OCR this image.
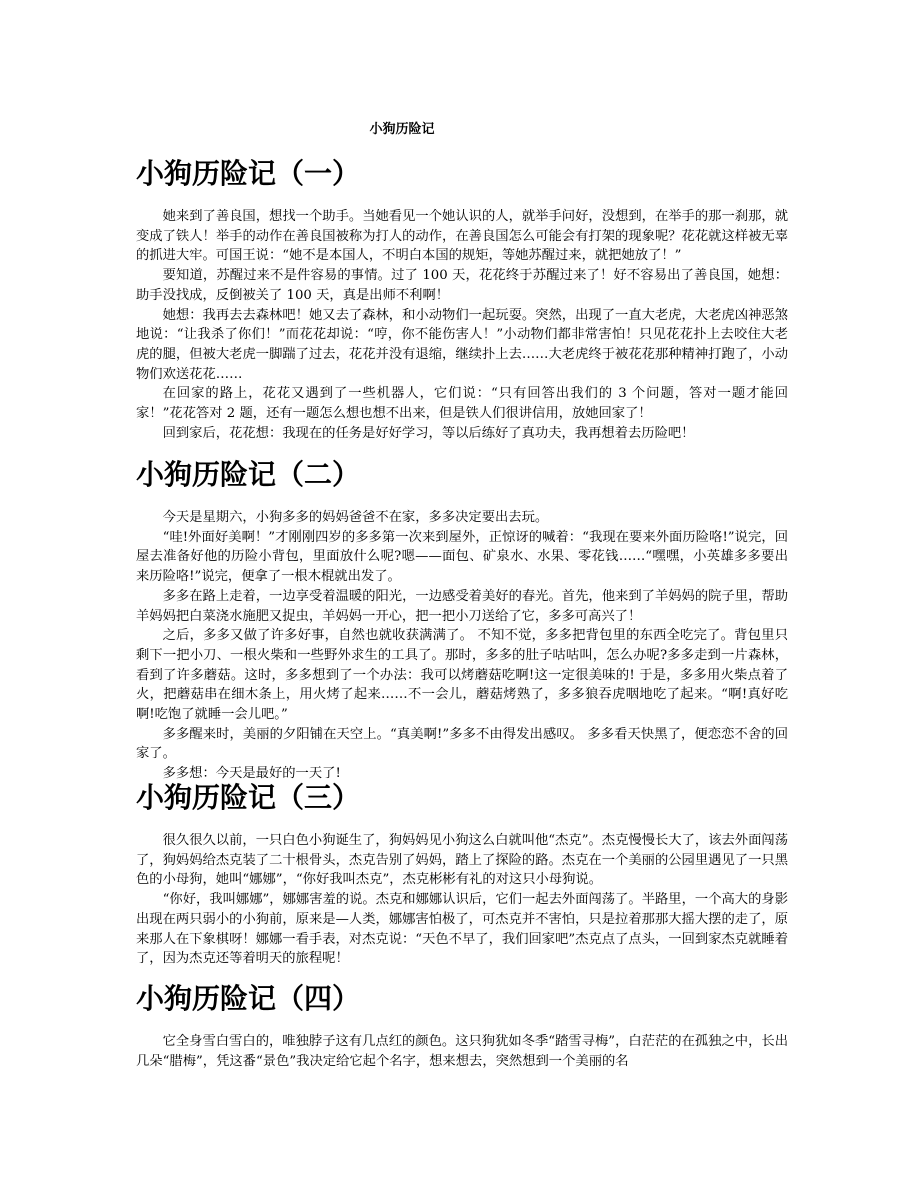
小狗历险记
小狗历险记（一）

她来到了善良国，想找一个助手。当她看见一个她认识的人，就举手问好，没想到，在举手的那一刹那，就变成了铁人！举手的动作在善良国被称为打人的动作，在善良国怎么可能会有打架的现象呢？花花就这样被无辜的抓进大牢。可国王说：“她不是本国人，不明白本国的规矩，等她苏醒过来，就把她放了！”

要知道，苏醒过来不是件容易的事情。过了 100 天，花花终于苏醒过来了！好不容易出了善良国，她想：助手没找成，反倒被关了 100 天，真是出师不利啊！

她想：我再去去森林吧！她又去了森林，和小动物们一起玩耍。突然，出现了一直大老虎，大老虎凶神恶煞地说：“让我杀了你们！”而花花却说：“哼，你不能伤害人！”小动物们都非常害怕！只见花花扑上去咬住大老虎的腿，但被大老虎一脚踹了过去，花花并没有退缩，继续扑上去……大老虎终于被花花那种精神打跑了，小动物们欢送花花……

在回家的路上，花花又遇到了一些机器人，它们说：“只有回答出我们的 3 个问题，答对一题才能回家！”花花答对 2 题，还有一题怎么想也想不出来，但是铁人们很讲信用，放她回家了！

回到家后，花花想：我现在的任务是好好学习，等以后练好了真功夫，我再想着去历险吧！

小狗历险记（二）

今天是星期六，小狗多多的妈妈爸爸不在家，多多决定要出去玩。

“哇!外面好美啊！”才刚刚四岁的多多第一次来到屋外，正惊讶的喊着：“我现在要来外面历险咯!”说完，回屋去准备好他的历险小背包，里面放什么呢?嗯——面包、矿泉水、水果、零花钱……“嘿嘿，小英雄多多要出来历险咯!”说完，便拿了一根木棍就出发了。

多多在路上走着，一边享受着温暖的阳光，一边感受着美好的春光。首先，他来到了羊妈妈的院子里，帮助羊妈妈把白菜浇水施肥又捉虫，羊妈妈一开心，把一把小刀送给了它，多多可高兴了！

之后，多多又做了许多好事，自然也就收获满满了。 不知不觉，多多把背包里的东西全吃完了。背包里只剩下一把小刀、一根火柴和一些野外求生的工具了。那时，多多的肚子咕咕叫，怎么办呢?多多走到一片森林，看到了许多蘑菇。这时，多多想到了一个办法：我可以烤蘑菇吃啊!这一定很美味的! 于是，多多用火柴点着了火，把蘑菇串在细木条上，用火烤了起来……不一会儿，蘑菇烤熟了，多多狼吞虎咽地吃了起来。“啊!真好吃啊!吃饱了就睡一会儿吧。”

多多醒来时，美丽的夕阳铺在天空上。“真美啊!”多多不由得发出感叹。 多多看天快黑了，便恋恋不舍的回家了。

多多想：今天是最好的一天了!

小狗历险记（三）

很久很久以前，一只白色小狗诞生了，狗妈妈见小狗这么白就叫他“杰克”。杰克慢慢长大了，该去外面闯荡了，狗妈妈给杰克装了二十根骨头，杰克告别了妈妈，踏上了探险的路。杰克在一个美丽的公园里遇见了一只黑色的小母狗，她叫“娜娜”，“你好我叫杰克”，杰克彬彬有礼的对这只小母狗说。

“你好，我叫娜娜”，娜娜害羞的说。杰克和娜娜认识后，它们一起去外面闯荡了。半路里，一个高大的身影出现在两只弱小的小狗前，原来是—人类，娜娜害怕极了，可杰克并不害怕，只是拉着那那大摇大摆的走了，原来那人在下象棋呀！娜娜一看手表，对杰克说：“天色不早了，我们回家吧”杰克点了点头，一回到家杰克就睡着了，因为杰克还等着明天的旅程呢！

小狗历险记（四）

它全身雪白雪白的，唯独脖子这有几点红的颜色。这只狗犹如冬季“踏雪寻梅”，白茫茫的在孤独之中，长出几朵“腊梅”，凭这番“景色”我决定给它起个名字，想来想去，突然想到一个美丽的名
